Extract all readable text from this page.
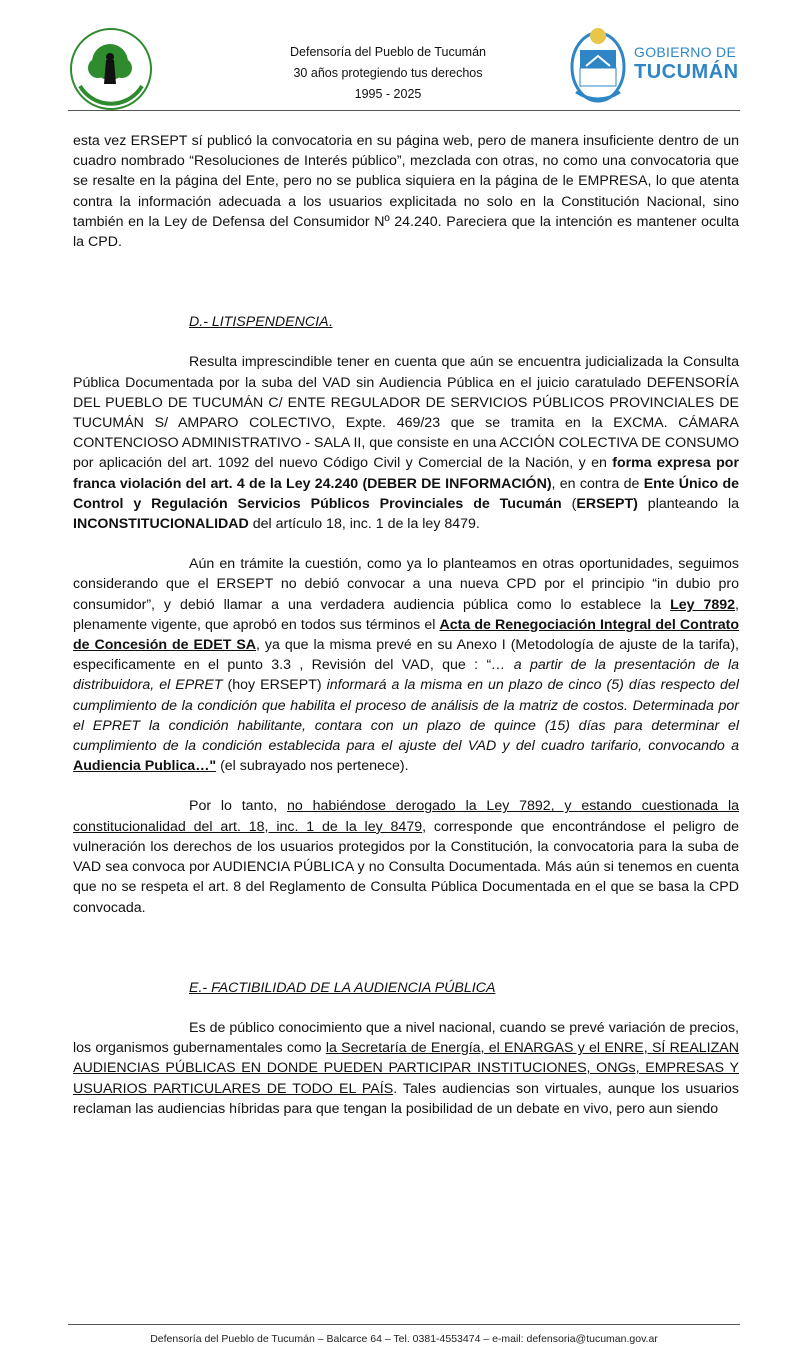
Defensoría del Pueblo de Tucumán
30 años protegiendo tus derechos
1995 - 2025
GOBIERNO DE
TUCUMÁN

esta vez ERSEPT sí publicó la convocatoria en su página web, pero de manera insuficiente dentro de un cuadro nombrado “Resoluciones de Interés público”, mezclada con otras, no como una convocatoria que se resalte en la página del Ente, pero no se publica siquiera en la página de le EMPRESA, lo que atenta contra la información adecuada a los usuarios explicitada no solo en la Constitución Nacional, sino también en la Ley de Defensa del Consumidor Nº 24.240. Pareciera que la intención es mantener oculta la CPD.

D.- LITISPENDENCIA.

Resulta imprescindible tener en cuenta que aún se encuentra judicializada la Consulta Pública Documentada por la suba del VAD sin Audiencia Pública en el juicio caratulado DEFENSORÍA DEL PUEBLO DE TUCUMÁN C/ ENTE REGULADOR DE SERVICIOS PÚBLICOS PROVINCIALES DE TUCUMÁN S/ AMPARO COLECTIVO, Expte. 469/23 que se tramita en la EXCMA. CÁMARA CONTENCIOSO ADMINISTRATIVO - SALA II, que consiste en una ACCIÓN COLECTIVA DE CONSUMO por aplicación del art. 1092 del nuevo Código Civil y Comercial de la Nación, y en forma expresa por franca violación del art. 4 de la Ley 24.240 (DEBER DE INFORMACIÓN), en contra de Ente Único de Control y Regulación Servicios Públicos Provinciales de Tucumán (ERSEPT) planteando la INCONSTITUCIONALIDAD del artículo 18, inc. 1 de la ley 8479.

Aún en trámite la cuestión, como ya lo planteamos en otras oportunidades, seguimos considerando que el ERSEPT no debió convocar a una nueva CPD por el principio “in dubio pro consumidor”, y debió llamar a una verdadera audiencia pública como lo establece la Ley 7892, plenamente vigente, que aprobó en todos sus términos el Acta de Renegociación Integral del Contrato de Concesión de EDET SA, ya que la misma prevé en su Anexo I (Metodología de ajuste de la tarifa), especificamente en el punto 3.3 , Revisión del VAD, que : “… a partir de la presentación de la distribuidora, el EPRET (hoy ERSEPT) informará a la misma en un plazo de cinco (5) días respecto del cumplimiento de la condición que habilita el proceso de análisis de la matriz de costos. Determinada por el EPRET la condición habilitante, contara con un plazo de quince (15) días para determinar el cumplimiento de la condición establecida para el ajuste del VAD y del cuadro tarifario, convocando a Audiencia Publica…" (el subrayado nos pertenece).

Por lo tanto, no habiéndose derogado la Ley 7892, y estando cuestionada la constitucionalidad del art. 18, inc. 1 de la ley 8479, corresponde que encontrándose el peligro de vulneración los derechos de los usuarios protegidos por la Constitución, la convocatoria para la suba de VAD sea convoca por AUDIENCIA PÚBLICA y no Consulta Documentada. Más aún si tenemos en cuenta que no se respeta el art. 8 del Reglamento de Consulta Pública Documentada en el que se basa la CPD convocada.

E.- FACTIBILIDAD DE LA AUDIENCIA PÚBLICA

Es de público conocimiento que a nivel nacional, cuando se prevé variación de precios, los organismos gubernamentales como la Secretaría de Energía, el ENARGAS y el ENRE, SÍ REALIZAN AUDIENCIAS PÚBLICAS EN DONDE PUEDEN PARTICIPAR INSTITUCIONES, ONGs, EMPRESAS Y USUARIOS PARTICULARES DE TODO EL PAÍS. Tales audiencias son virtuales, aunque los usuarios reclaman las audiencias híbridas para que tengan la posibilidad de un debate en vivo, pero aun siendo

Defensoría del Pueblo de Tucumán – Balcarce 64 – Tel. 0381-4553474 – e-mail: defensoria@tucuman.gov.ar
